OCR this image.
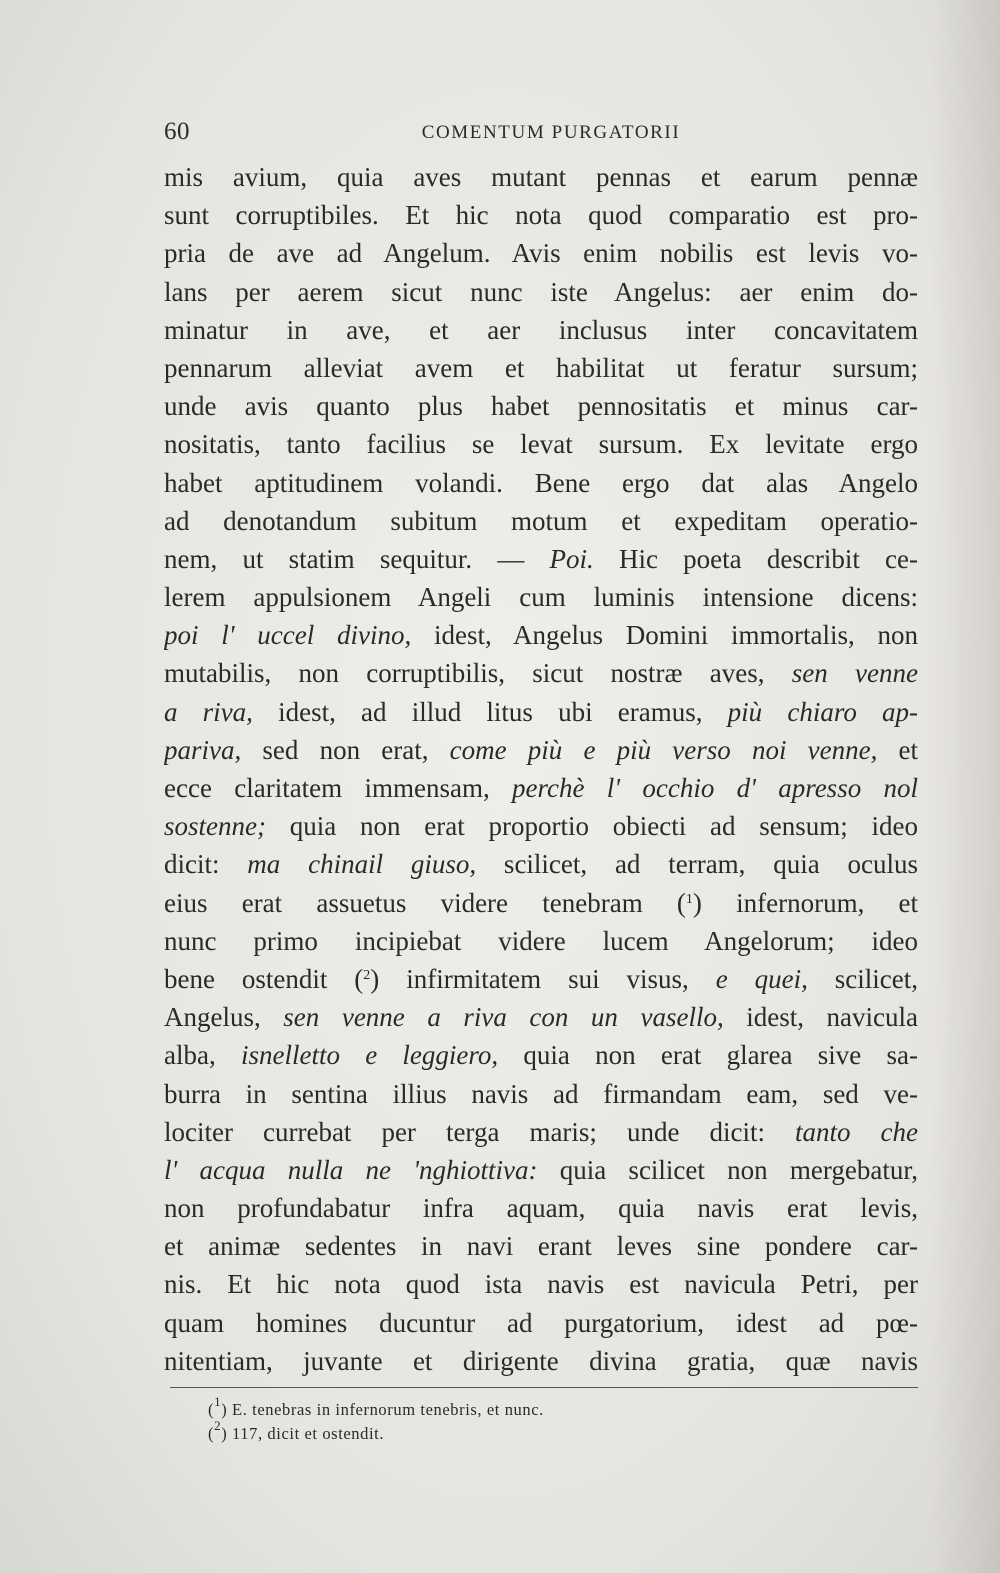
60	COMENTUM PURGATORII
mis avium, quia aves mutant pennas et earum pennæ
sunt corruptibiles. Et hic nota quod comparatio est pro-
pria de ave ad Angelum. Avis enim nobilis est levis vo-
lans per aerem sicut nunc iste Angelus: aer enim do-
minatur in ave, et aer inclusus inter concavitatem
pennarum alleviat avem et habilitat ut feratur sursum;
unde avis quanto plus habet pennositatis et minus car-
nositatis, tanto facilius se levat sursum. Ex levitate ergo
habet aptitudinem volandi. Bene ergo dat alas Angelo
ad denotandum subitum motum et expeditam operatio-
nem, ut statim sequitur. — Poi. Hic poeta describit ce-
lerem appulsionem Angeli cum luminis intensione dicens:
poi l' uccel divino, idest, Angelus Domini immortalis, non
mutabilis, non corruptibilis, sicut nostræ aves, sen venne
a riva, idest, ad illud litus ubi eramus, più chiaro ap-
pariva, sed non erat, come più e più verso noi venne, et
ecce claritatem immensam, perchè l' occhio d' apresso nol
sostenne; quia non erat proportio obiecti ad sensum; ideo
dicit: ma chinail giuso, scilicet, ad terram, quia oculus
eius erat assuetus videre tenebram ($^1$) infernorum, et
nunc primo incipiebat videre lucem Angelorum; ideo
bene ostendit ($^2$) infirmitatem sui visus, e quei, scilicet,
Angelus, sen venne a riva con un vasello, idest, navicula
alba, isnelletto e leggiero, quia non erat glarea sive sa-
burra in sentina illius navis ad firmandam eam, sed ve-
lociter currebat per terga maris; unde dicit: tanto che
l' acqua nulla ne 'nghiottiva: quia scilicet non mergebatur,
non profundabatur infra aquam, quia navis erat levis,
et animæ sedentes in navi erant leves sine pondere car-
nis. Et hic nota quod ista navis est navicula Petri, per
quam homines ducuntur ad purgatorium, idest ad pœ-
nitentiam, juvante et dirigente divina gratia, quæ navis
($^1$) E. tenebras in infernorum tenebris, et nunc.
($^2$) 117, dicit et ostendit.
